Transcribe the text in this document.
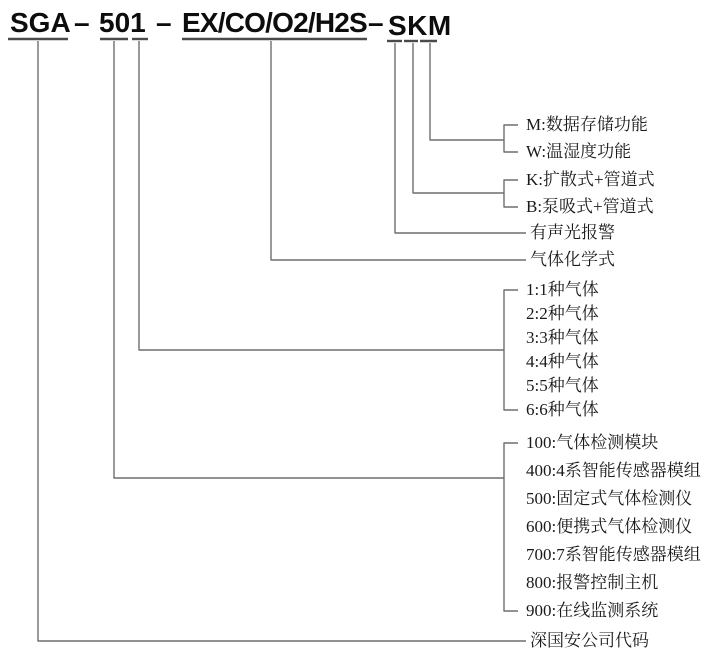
SGA – 501 – EX/CO/O2/H2S – SKM
M:数据存储功能
W:温湿度功能
K:扩散式+管道式
B:泵吸式+管道式
有声光报警
气体化学式
1:1种气体
2:2种气体
3:3种气体
4:4种气体
5:5种气体
6:6种气体
100:气体检测模块
400:4系智能传感器模组
500:固定式气体检测仪
600:便携式气体检测仪
700:7系智能传感器模组
800:报警控制主机
900:在线监测系统
深国安公司代码
